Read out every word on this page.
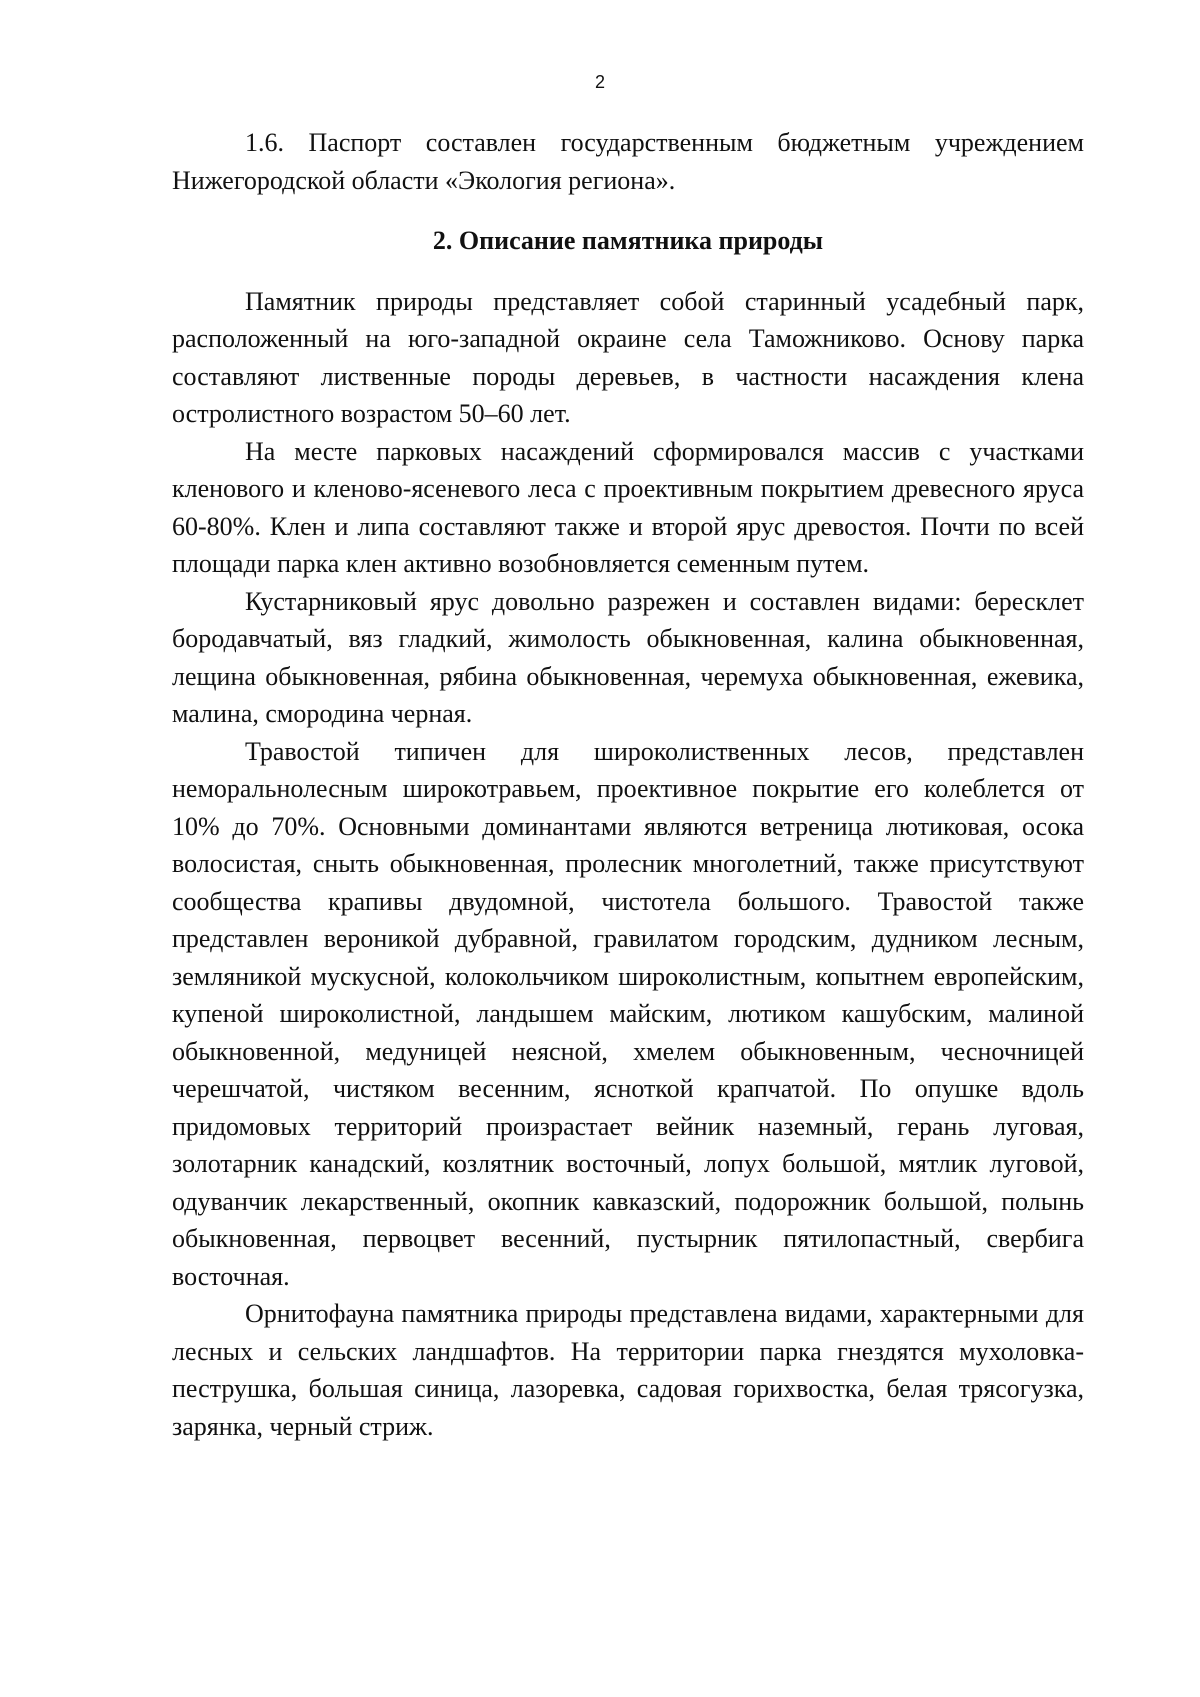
2

1.6. Паспорт составлен государственным бюджетным учреждением Нижегородской области «Экология региона».

2. Описание памятника природы

Памятник природы представляет собой старинный усадебный парк, расположенный на юго-западной окраине села Таможниково. Основу парка составляют лиственные породы деревьев, в частности насаждения клена остролистного возрастом 50–60 лет.

На месте парковых насаждений сформировался массив с участками кленового и кленово-ясеневого леса с проективным покрытием древесного яруса 60-80%. Клен и липа составляют также и второй ярус древостоя. Почти по всей площади парка клен активно возобновляется семенным путем.

Кустарниковый ярус довольно разрежен и составлен видами: бересклет бородавчатый, вяз гладкий, жимолость обыкновенная, калина обыкновенная, лещина обыкновенная, рябина обыкновенная, черемуха обыкновенная, ежевика, малина, смородина черная.

Травостой типичен для широколиственных лесов, представлен неморальнолесным широкотравьем, проективное покрытие его колеблется от 10% до 70%. Основными доминантами являются ветреница лютиковая, осока волосистая, сныть обыкновенная, пролесник многолетний, также присутствуют сообщества крапивы двудомной, чистотела большого. Травостой также представлен вероникой дубравной, гравилатом городским, дудником лесным, земляникой мускусной, колокольчиком широколистным, копытнем европейским, купеной широколистной, ландышем майским, лютиком кашубским, малиной обыкновенной, медуницей неясной, хмелем обыкновенным, чесночницей черешчатой, чистяком весенним, ясноткой крапчатой. По опушке вдоль придомовых территорий произрастает вейник наземный, герань луговая, золотарник канадский, козлятник восточный, лопух большой, мятлик луговой, одуванчик лекарственный, окопник кавказский, подорожник большой, полынь обыкновенная, первоцвет весенний, пустырник пятилопастный, свербига восточная.

Орнитофауна памятника природы представлена видами, характерными для лесных и сельских ландшафтов. На территории парка гнездятся мухоловка-пеструшка, большая синица, лазоревка, садовая горихвостка, белая трясогузка, зарянка, черный стриж.
